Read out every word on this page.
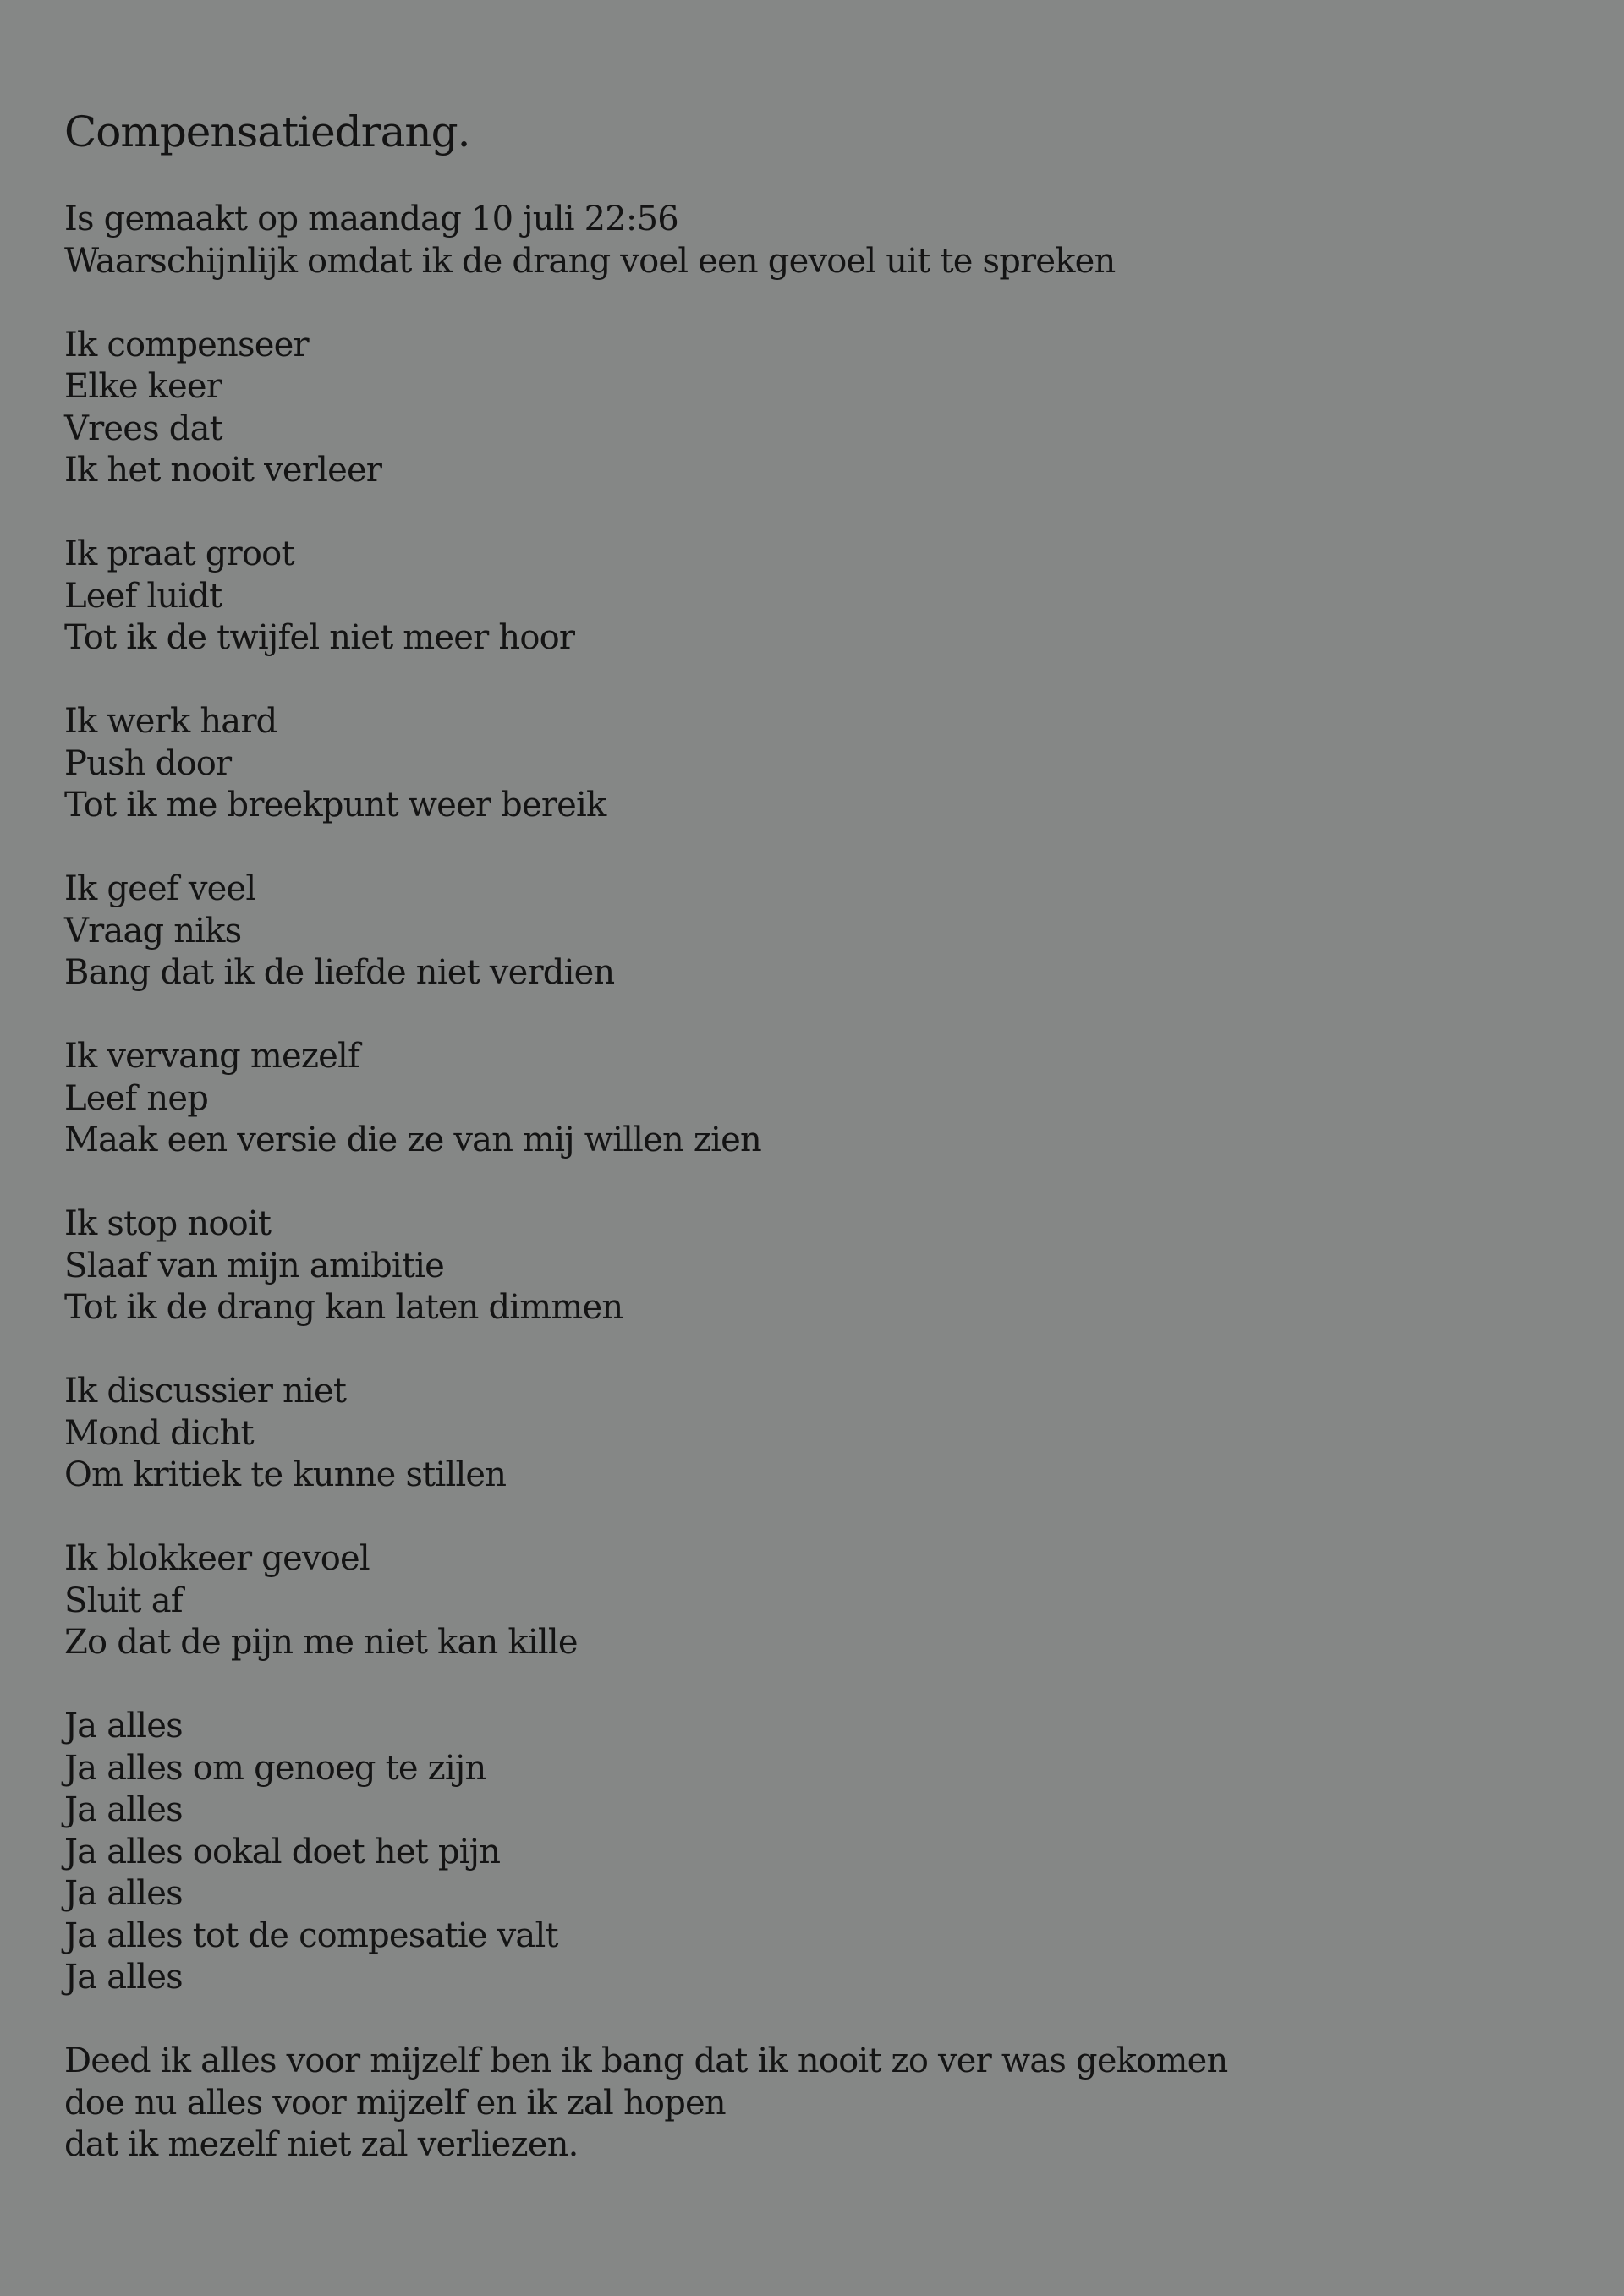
Compensatiedrang.
Is gemaakt op maandag 10 juli 22:56
Waarschijnlijk omdat ik de drang voel een gevoel uit te spreken
Ik compenseer
Elke keer
Vrees dat
Ik het nooit verleer
Ik praat groot
Leef luidt
Tot ik de twijfel niet meer hoor
Ik werk hard
Push door
Tot ik me breekpunt weer bereik
Ik geef veel
Vraag niks
Bang dat ik de liefde niet verdien
Ik vervang mezelf
Leef nep
Maak een versie die ze van mij willen zien
Ik stop nooit
Slaaf van mijn amibitie
Tot ik de drang kan laten dimmen
Ik discussier niet
Mond dicht
Om kritiek te kunne stillen
Ik blokkeer gevoel
Sluit af
Zo dat de pijn me niet kan kille
Ja alles
Ja alles om genoeg te zijn
Ja alles
Ja alles ookal doet het pijn
Ja alles
Ja alles tot de compesatie valt
Ja alles
Deed ik alles voor mijzelf ben ik bang dat ik nooit zo ver was gekomen
doe nu alles voor mijzelf en ik zal hopen
dat ik mezelf niet zal verliezen.
